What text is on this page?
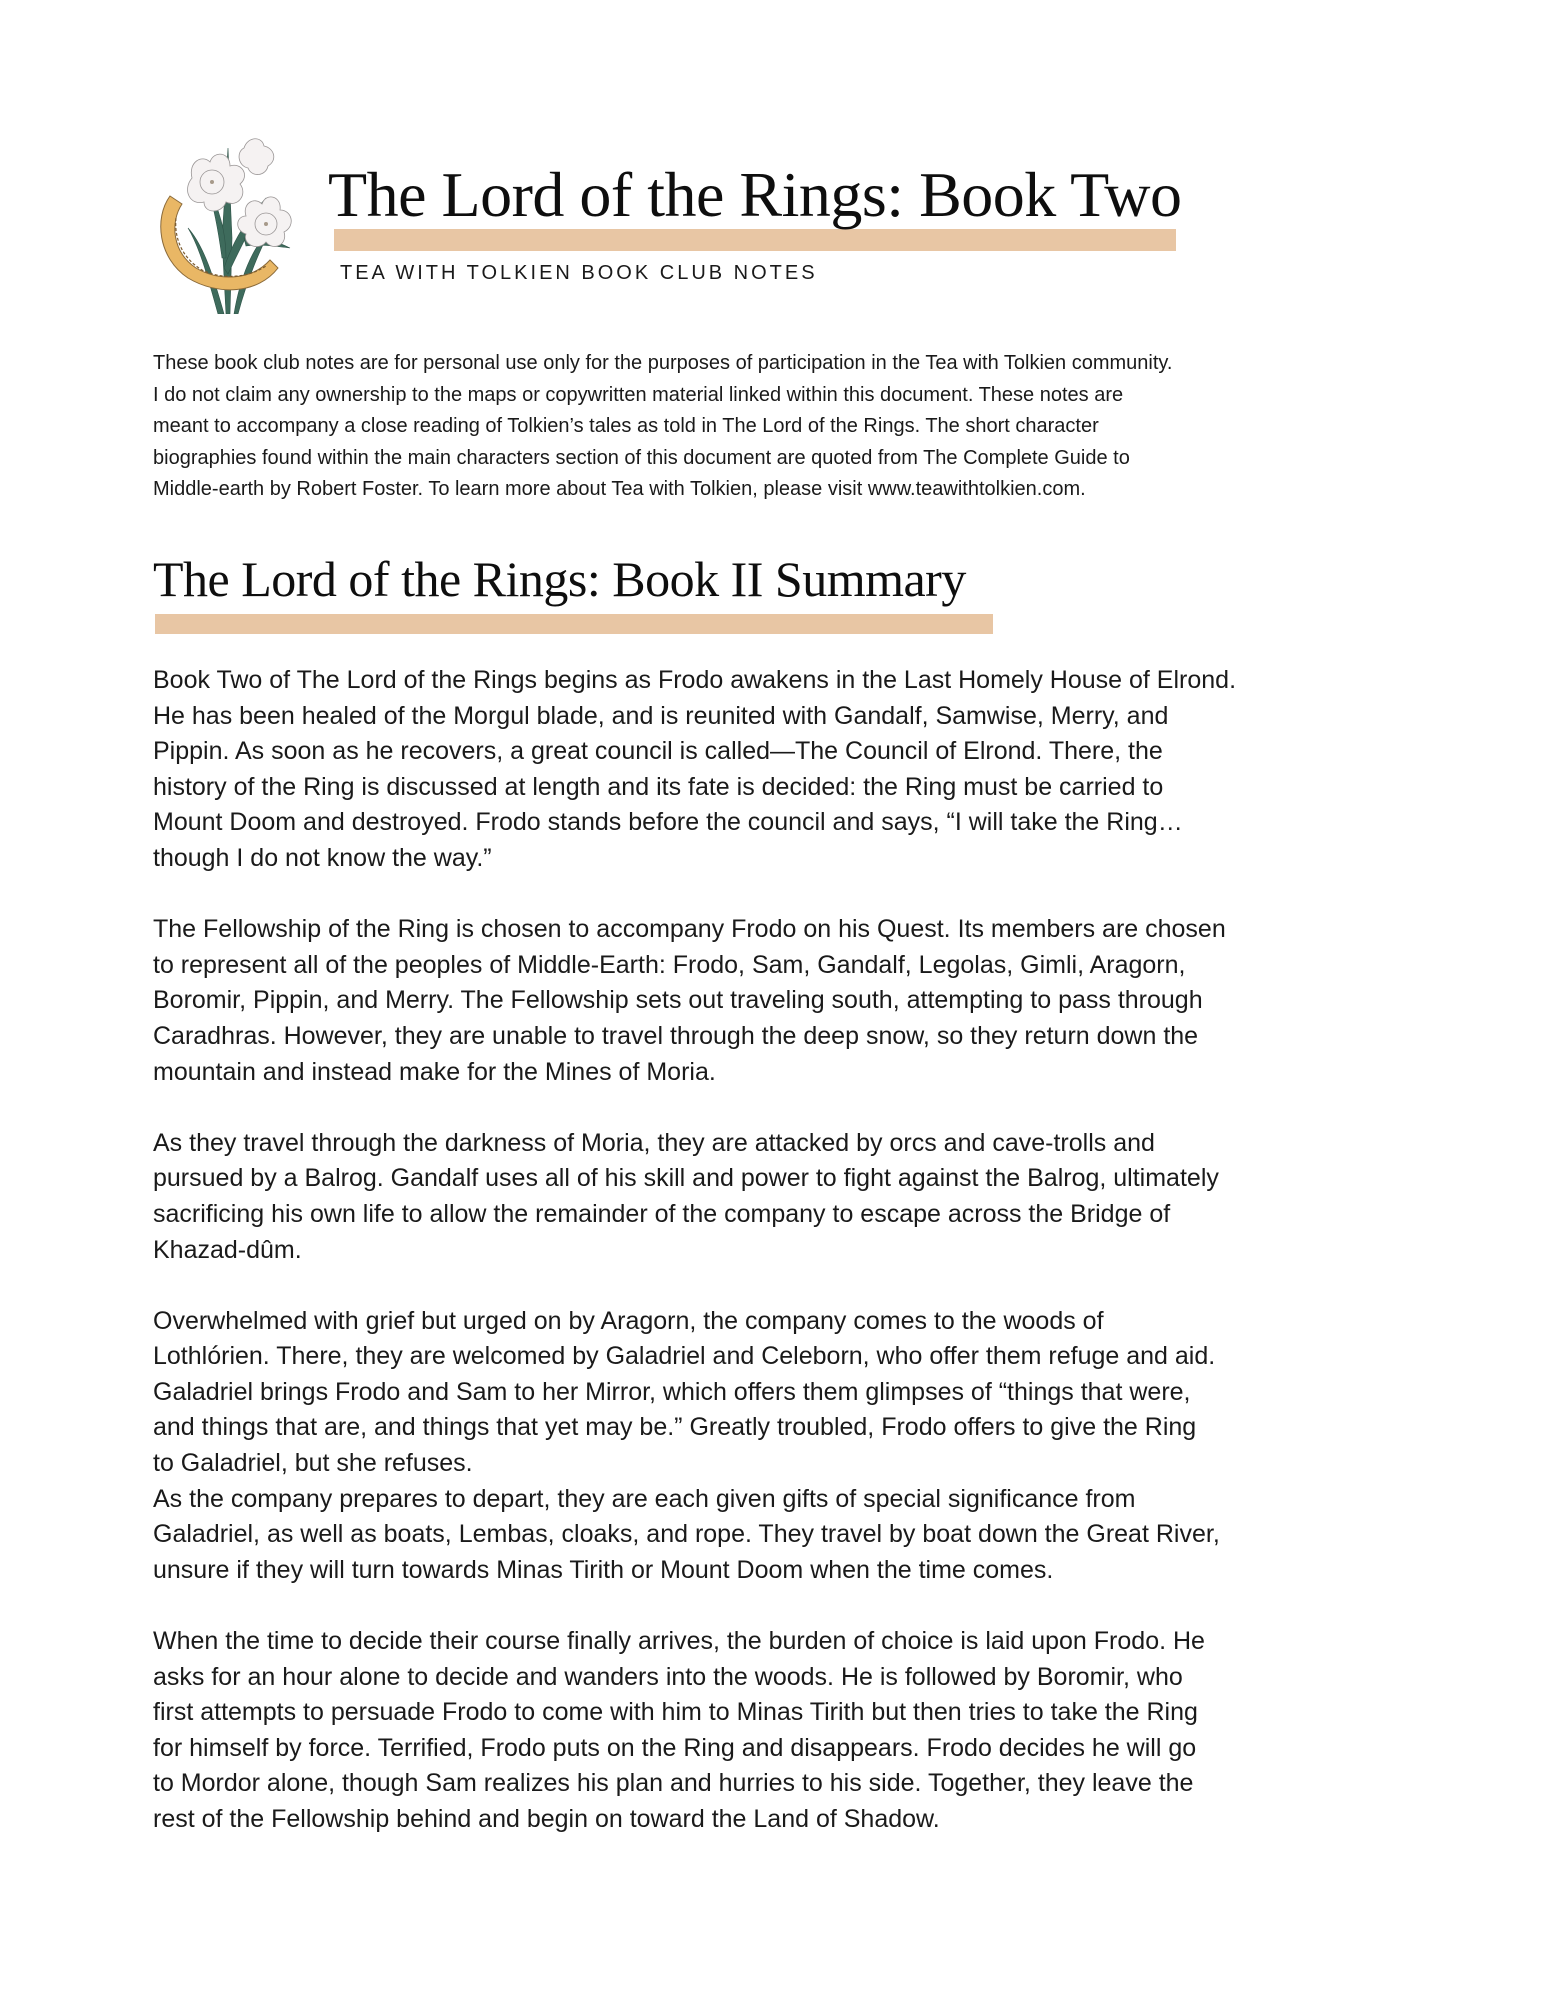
The Lord of the Rings: Book Two
TEA WITH TOLKIEN BOOK CLUB NOTES
These book club notes are for personal use only for the purposes of participation in the Tea with Tolkien community.
I do not claim any ownership to the maps or copywritten material linked within this document. These notes are
meant to accompany a close reading of Tolkien’s tales as told in The Lord of the Rings. The short character
biographies found within the main characters section of this document are quoted from The Complete Guide to
Middle-earth by Robert Foster. To learn more about Tea with Tolkien, please visit www.teawithtolkien.com.
The Lord of the Rings: Book II Summary

Book Two of The Lord of the Rings begins as Frodo awakens in the Last Homely House of Elrond.
He has been healed of the Morgul blade, and is reunited with Gandalf, Samwise, Merry, and
Pippin. As soon as he recovers, a great council is called—The Council of Elrond. There, the
history of the Ring is discussed at length and its fate is decided: the Ring must be carried to
Mount Doom and destroyed. Frodo stands before the council and says, “I will take the Ring…
though I do not know the way.”

The Fellowship of the Ring is chosen to accompany Frodo on his Quest. Its members are chosen
to represent all of the peoples of Middle-Earth: Frodo, Sam, Gandalf, Legolas, Gimli, Aragorn,
Boromir, Pippin, and Merry. The Fellowship sets out traveling south, attempting to pass through
Caradhras. However, they are unable to travel through the deep snow, so they return down the
mountain and instead make for the Mines of Moria.

As they travel through the darkness of Moria, they are attacked by orcs and cave-trolls and
pursued by a Balrog. Gandalf uses all of his skill and power to fight against the Balrog, ultimately
sacrificing his own life to allow the remainder of the company to escape across the Bridge of
Khazad-dûm.

Overwhelmed with grief but urged on by Aragorn, the company comes to the woods of
Lothlórien. There, they are welcomed by Galadriel and Celeborn, who offer them refuge and aid.
Galadriel brings Frodo and Sam to her Mirror, which offers them glimpses of “things that were,
and things that are, and things that yet may be.” Greatly troubled, Frodo offers to give the Ring
to Galadriel, but she refuses.

As the company prepares to depart, they are each given gifts of special significance from
Galadriel, as well as boats, Lembas, cloaks, and rope. They travel by boat down the Great River,
unsure if they will turn towards Minas Tirith or Mount Doom when the time comes.

When the time to decide their course finally arrives, the burden of choice is laid upon Frodo. He
asks for an hour alone to decide and wanders into the woods. He is followed by Boromir, who
first attempts to persuade Frodo to come with him to Minas Tirith but then tries to take the Ring
for himself by force. Terrified, Frodo puts on the Ring and disappears. Frodo decides he will go
to Mordor alone, though Sam realizes his plan and hurries to his side. Together, they leave the
rest of the Fellowship behind and begin on toward the Land of Shadow.
